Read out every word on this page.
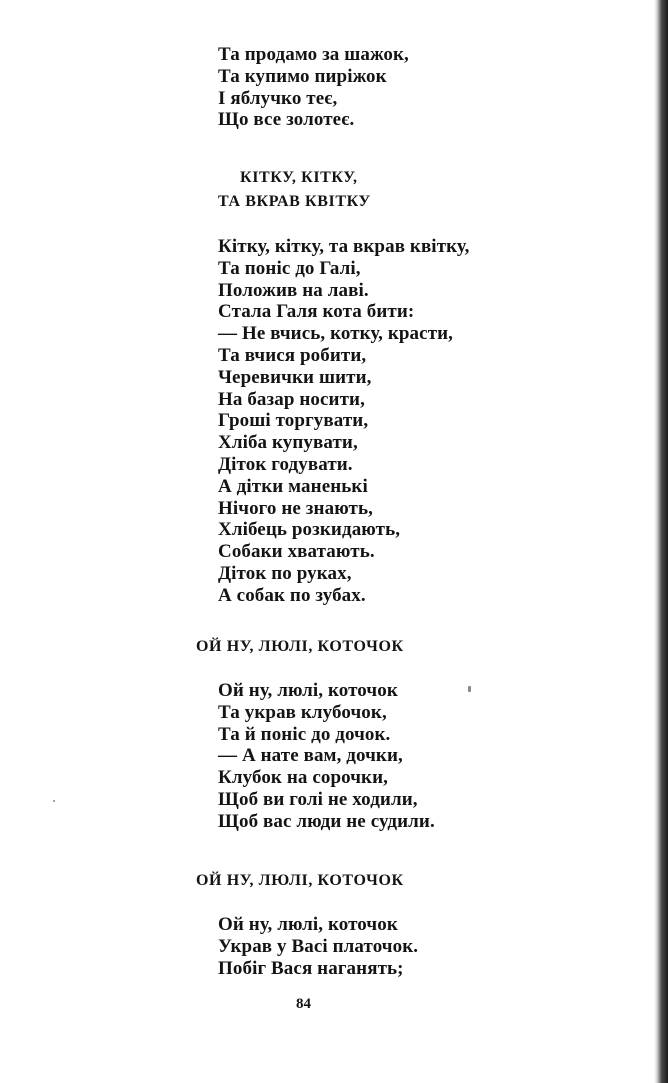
Та продамо за шажок,
Та купимо пиріжок
І яблучко теє,
Що все золотеє.
КІТКУ, КІТКУ,
ТА ВКРАВ КВІТКУ
Кітку, кітку, та вкрав квітку,
Та поніс до Галі,
Положив на лаві.
Стала Галя кота бити:
— Не вчись, котку, красти,
Та вчися робити,
Черевички шити,
На базар носити,
Гроші торгувати,
Хліба купувати,
Діток годувати.
А дітки маненькі
Нічого не знають,
Хлібець розкидають,
Собаки хватають.
Діток по руках,
А собак по зубах.
ОЙ НУ, ЛЮЛІ, КОТОЧОК
Ой ну, люлі, коточок
Та украв клубочок,
Та й поніс до дочок.
— А нате вам, дочки,
Клубок на сорочки,
Щоб ви голі не ходили,
Щоб вас люди не судили.
ОЙ НУ, ЛЮЛІ, КОТОЧОК
Ой ну, люлі, коточок
Украв у Васі платочок.
Побіг Вася наганять;
84
